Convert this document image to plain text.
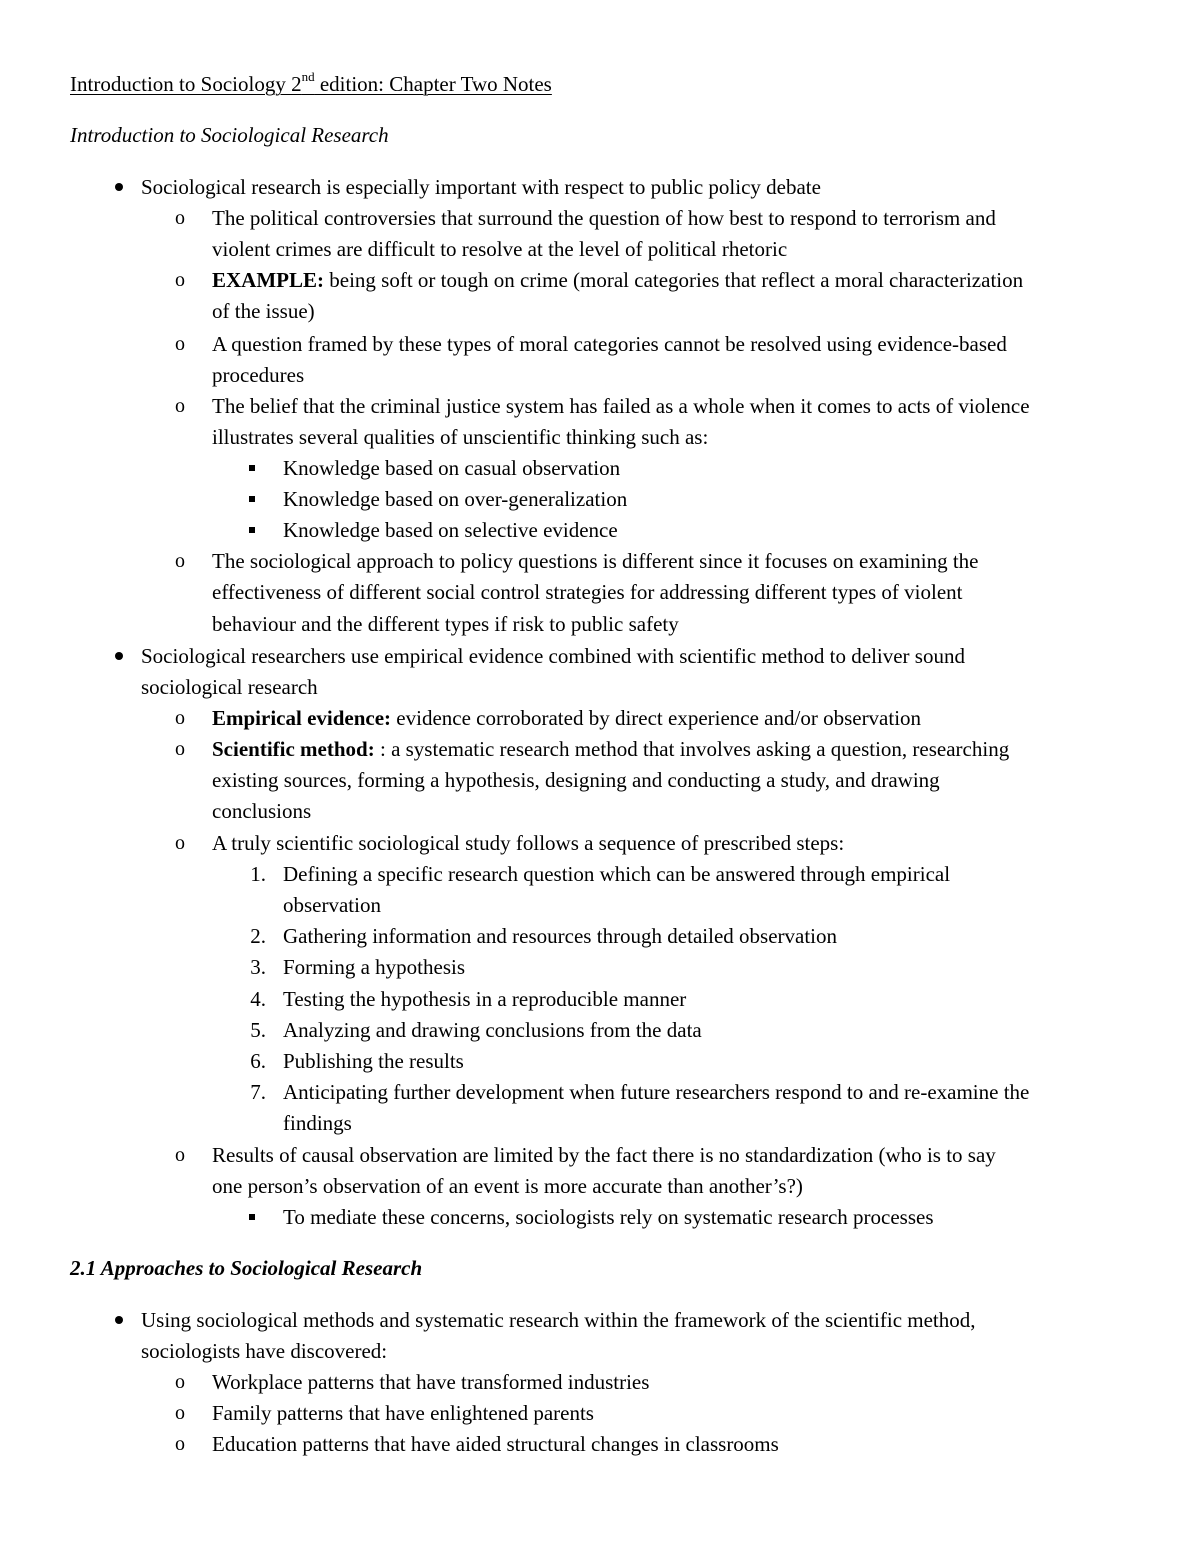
Introduction to Sociology 2nd edition: Chapter Two Notes
Introduction to Sociological Research
Sociological research is especially important with respect to public policy debate
o The political controversies that surround the question of how best to respond to terrorism and
violent crimes are difficult to resolve at the level of political rhetoric
o EXAMPLE: being soft or tough on crime (moral categories that reflect a moral characterization
of the issue)
o A question framed by these types of moral categories cannot be resolved using evidence-based
procedures
o The belief that the criminal justice system has failed as a whole when it comes to acts of violence
illustrates several qualities of unscientific thinking such as:
Knowledge based on casual observation
Knowledge based on over-generalization
Knowledge based on selective evidence
o The sociological approach to policy questions is different since it focuses on examining the
effectiveness of different social control strategies for addressing different types of violent
behaviour and the different types if risk to public safety
Sociological researchers use empirical evidence combined with scientific method to deliver sound
sociological research
o Empirical evidence: evidence corroborated by direct experience and/or observation
o Scientific method: : a systematic research method that involves asking a question, researching
existing sources, forming a hypothesis, designing and conducting a study, and drawing
conclusions
o A truly scientific sociological study follows a sequence of prescribed steps:
1. Defining a specific research question which can be answered through empirical
observation
2. Gathering information and resources through detailed observation
3. Forming a hypothesis
4. Testing the hypothesis in a reproducible manner
5. Analyzing and drawing conclusions from the data
6. Publishing the results
7. Anticipating further development when future researchers respond to and re-examine the
findings
o Results of causal observation are limited by the fact there is no standardization (who is to say
one person’s observation of an event is more accurate than another’s?)
To mediate these concerns, sociologists rely on systematic research processes
2.1 Approaches to Sociological Research
Using sociological methods and systematic research within the framework of the scientific method,
sociologists have discovered:
o Workplace patterns that have transformed industries
o Family patterns that have enlightened parents
o Education patterns that have aided structural changes in classrooms
